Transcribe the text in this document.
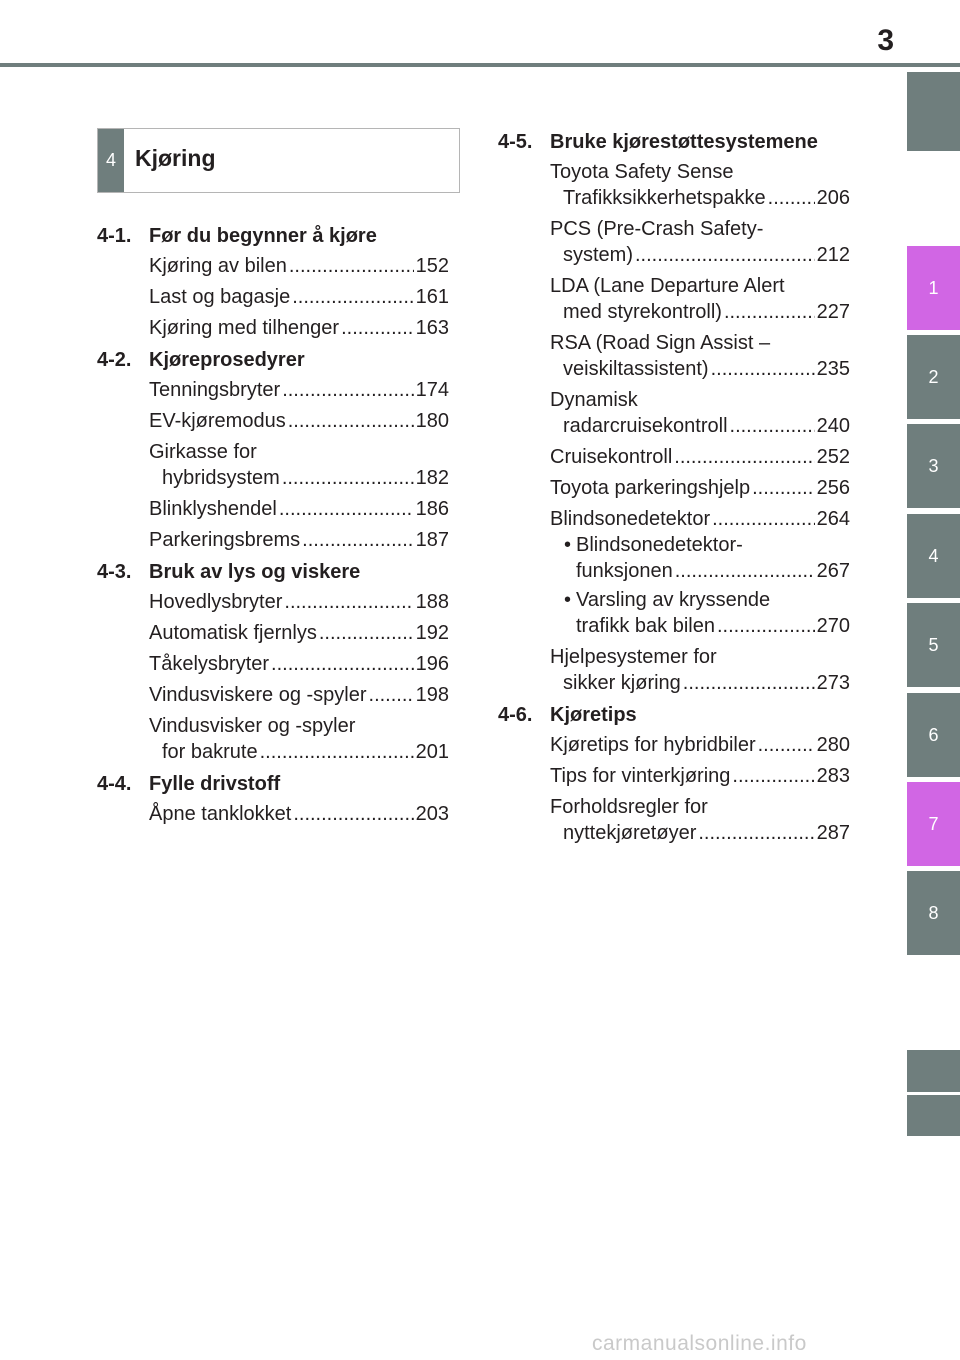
3
1
2
3
4
5
6
7
8
4 Kjøring
4-1. Før du begynner å kjøre
Kjøring av bilen .....	152
Last og bagasje .....	161
Kjøring med tilhenger .....	163
4-2. Kjøreprosedyrer
Tenningsbryter .....	174
EV-kjøremodus .....	180
Girkasse for
hybridsystem .....	182
Blinklyshendel .....	186
Parkeringsbrems .....	187
4-3. Bruk av lys og viskere
Hovedlysbryter .....	188
Automatisk fjernlys .....	192
Tåkelysbryter .....	196
Vindusviskere og -spyler ..... 198
Vindusvisker og -spyler
for bakrute .....	201
4-4. Fylle drivstoff
Åpne tanklokket .....	203
4-5. Bruke kjørestøttesystemene
Toyota Safety Sense
Trafikksikkerhetspakke .....	206
PCS (Pre-Crash Safety-
system) .....	212
LDA (Lane Departure Alert
med styrekontroll) .....	227
RSA (Road Sign Assist –
veiskiltassistent) .....	235
Dynamisk
radarcruisekontroll .....	240
Cruisekontroll .....	252
Toyota parkeringshjelp .....	256
Blindsonedetektor .....	264
• Blindsonedetektor-
funksjonen .....	267
• Varsling av kryssende
trafikk bak bilen .....	270
Hjelpesystemer for
sikker kjøring .....	273
4-6. Kjøretips
Kjøretips for hybridbiler .....	280
Tips for vinterkjøring .....	283
Forholdsregler for
nyttekjøretøyer .....	287
carmanualsonline.info
